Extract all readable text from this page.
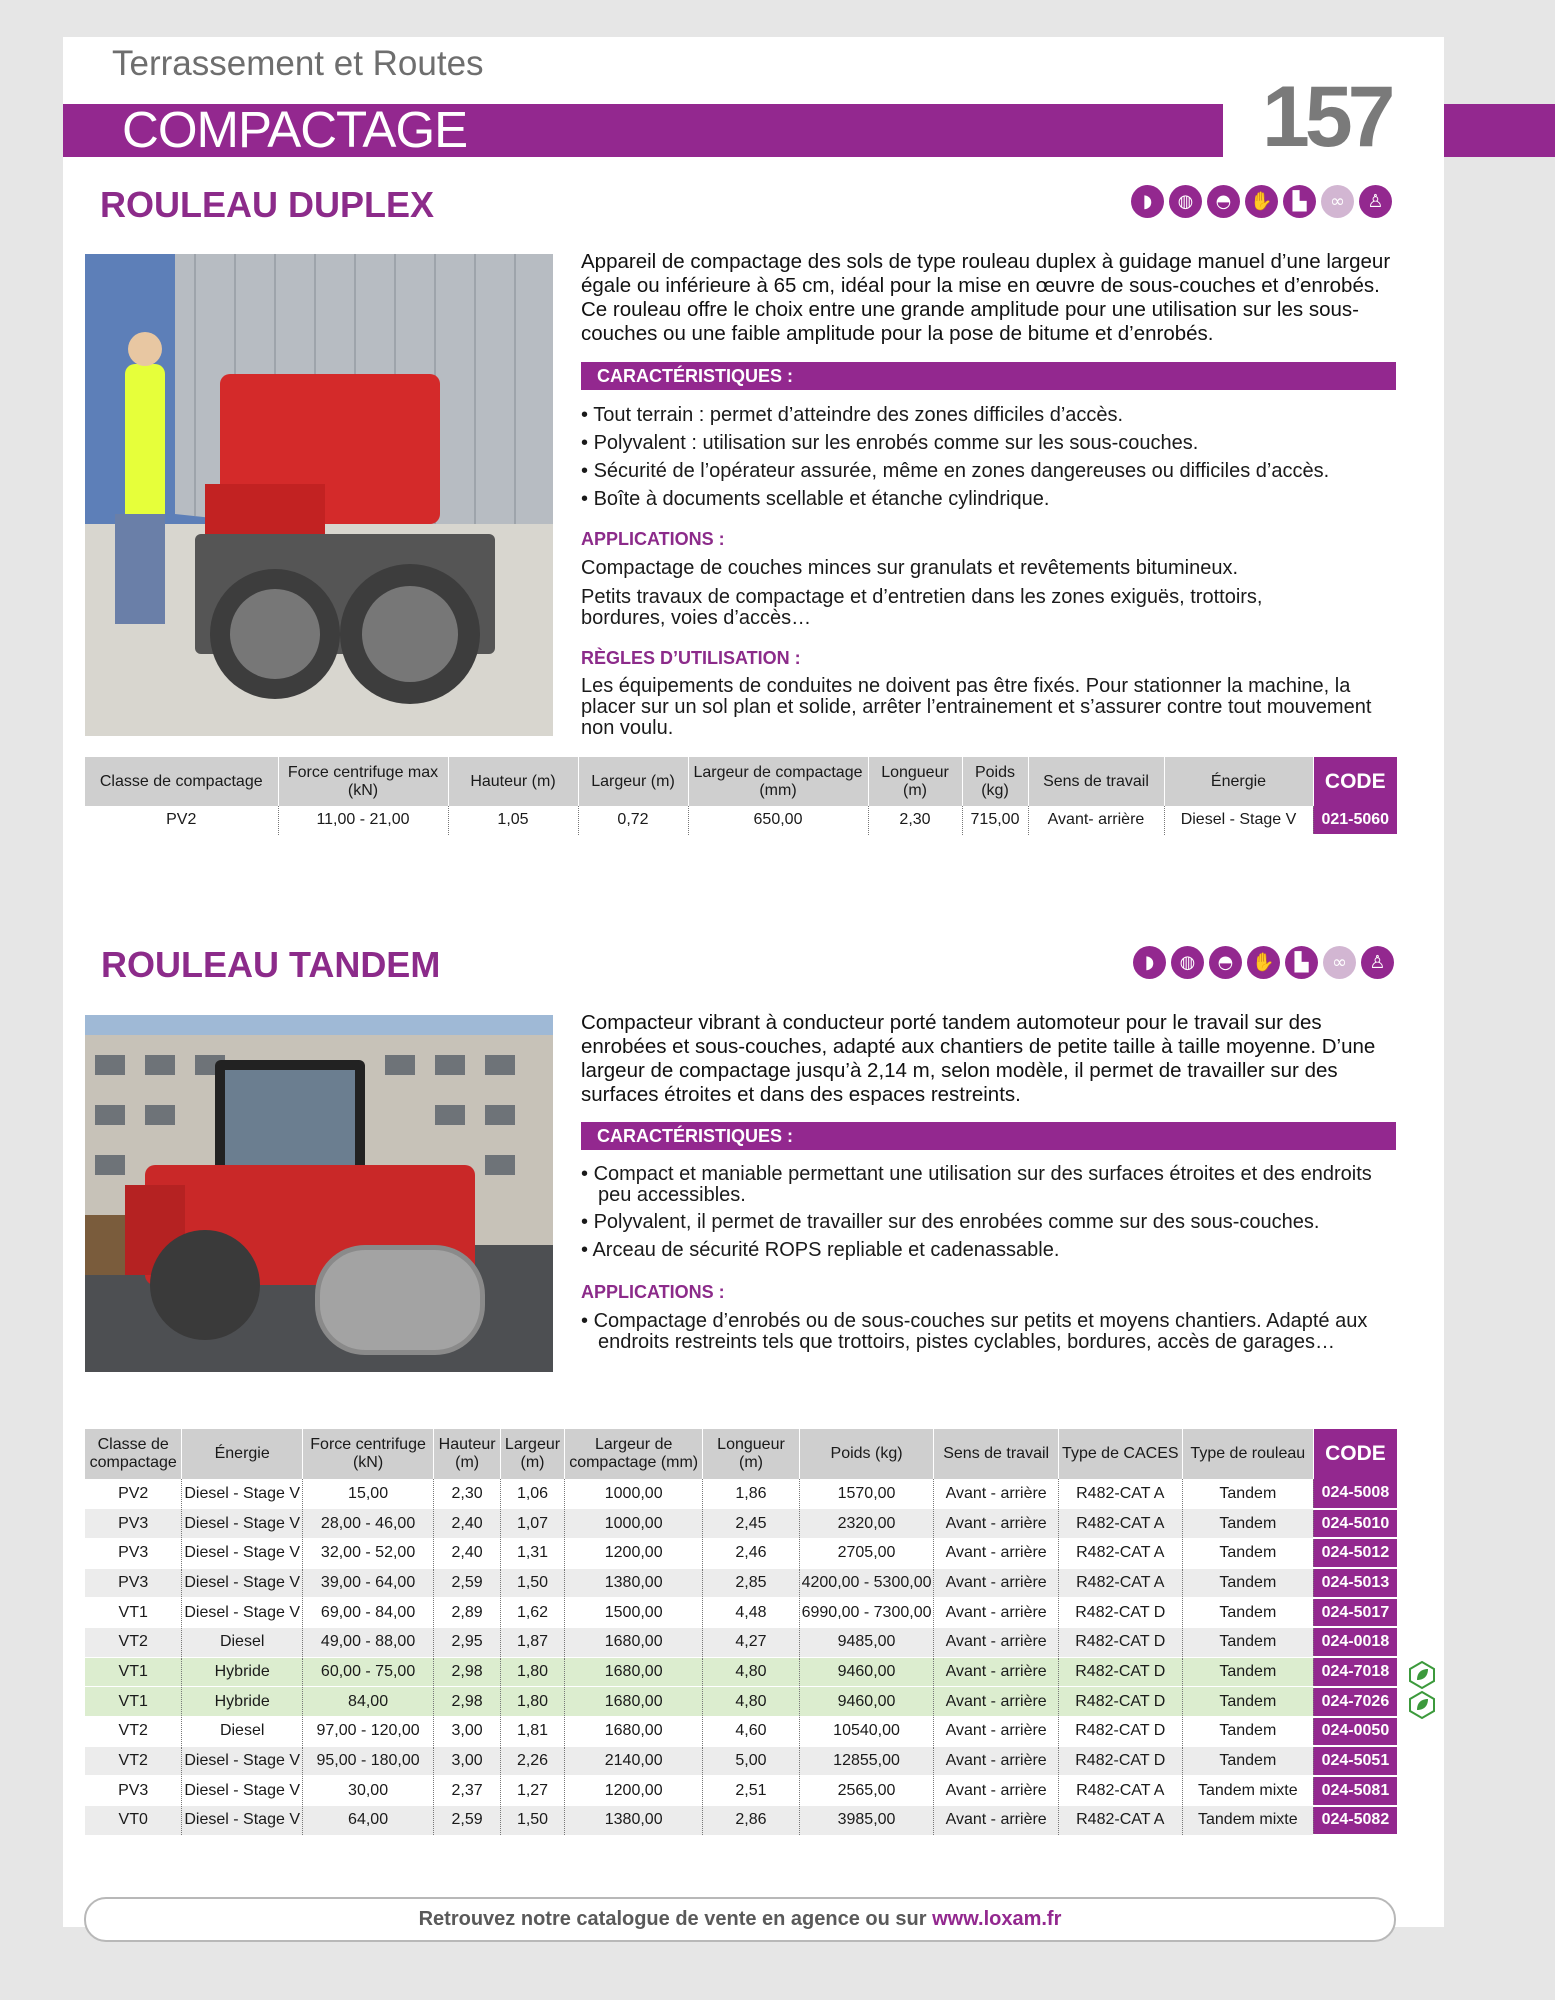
Terrassement et Routes
COMPACTAGE	157
ROULEAU DUPLEX	◗	◍	◓	✋	▙	∞	♙
Appareil de compactage des sols de type rouleau duplex à guidage manuel d’une largeur égale ou inférieure à 65 cm, idéal pour la mise en œuvre de sous-couches et d’enrobés. Ce rouleau offre le choix entre une grande amplitude pour une utilisation sur les sous-couches ou une faible amplitude pour la pose de bitume et d’enrobés.
CARACTÉRISTIQUES :
• Tout terrain : permet d’atteindre des zones difficiles d’accès.
• Polyvalent : utilisation sur les enrobés comme sur les sous-couches.
• Sécurité de l’opérateur assurée, même en zones dangereuses ou difficiles d’accès.
• Boîte à documents scellable et étanche cylindrique.
APPLICATIONS :
Compactage de couches minces sur granulats et revêtements bitumineux.
Petits travaux de compactage et d’entretien dans les zones exiguës, trottoirs, bordures, voies d’accès…
RÈGLES D’UTILISATION :
Les équipements de conduites ne doivent pas être fixés. Pour stationner la machine, la placer sur un sol plan et solide, arrêter l’entrainement et s’assurer contre tout mouvement non voulu.
Classe de compactage	Force centrifuge max (kN)	Hauteur (m)	Largeur (m)	Largeur de compactage (mm)	Longueur (m)	Poids (kg)	Sens de travail	Énergie	CODE
PV2	11,00 - 21,00	1,05	0,72	650,00	2,30	715,00	Avant- arrière	Diesel - Stage V	021-5060
ROULEAU TANDEM	◗	◍	◓	✋	▙	∞	♙
Compacteur vibrant à conducteur porté tandem automoteur pour le travail sur des enrobées et sous-couches, adapté aux chantiers de petite taille à taille moyenne. D’une largeur de compactage jusqu’à 2,14 m, selon modèle, il permet de travailler sur des surfaces étroites et dans des espaces restreints.
CARACTÉRISTIQUES :
• Compact et maniable permettant une utilisation sur des surfaces étroites et des endroits peu accessibles.
• Polyvalent, il permet de travailler sur des enrobées comme sur des sous-couches.
• Arceau de sécurité ROPS repliable et cadenassable.
APPLICATIONS :
• Compactage d’enrobés ou de sous-couches sur petits et moyens chantiers. Adapté aux endroits restreints tels que trottoirs, pistes cyclables, bordures, accès de garages…
Classe de compactage	Énergie	Force centrifuge (kN)	Hauteur (m)	Largeur (m)	Largeur de compactage (mm)	Longueur (m)	Poids (kg)	Sens de travail	Type de CACES	Type de rouleau	CODE
PV2	Diesel - Stage V	15,00	2,30	1,06	1000,00	1,86	1570,00	Avant - arrière	R482-CAT A	Tandem	024-5008
PV3	Diesel - Stage V	28,00 - 46,00	2,40	1,07	1000,00	2,45	2320,00	Avant - arrière	R482-CAT A	Tandem	024-5010
PV3	Diesel - Stage V	32,00 - 52,00	2,40	1,31	1200,00	2,46	2705,00	Avant - arrière	R482-CAT A	Tandem	024-5012
PV3	Diesel - Stage V	39,00 - 64,00	2,59	1,50	1380,00	2,85	4200,00 - 5300,00	Avant - arrière	R482-CAT A	Tandem	024-5013
VT1	Diesel - Stage V	69,00 - 84,00	2,89	1,62	1500,00	4,48	6990,00 - 7300,00	Avant - arrière	R482-CAT D	Tandem	024-5017
VT2	Diesel	49,00 - 88,00	2,95	1,87	1680,00	4,27	9485,00	Avant - arrière	R482-CAT D	Tandem	024-0018
VT1	Hybride	60,00 - 75,00	2,98	1,80	1680,00	4,80	9460,00	Avant - arrière	R482-CAT D	Tandem	024-7018
VT1	Hybride	84,00	2,98	1,80	1680,00	4,80	9460,00	Avant - arrière	R482-CAT D	Tandem	024-7026
VT2	Diesel	97,00 - 120,00	3,00	1,81	1680,00	4,60	10540,00	Avant - arrière	R482-CAT D	Tandem	024-0050
VT2	Diesel - Stage V	95,00 - 180,00	3,00	2,26	2140,00	5,00	12855,00	Avant - arrière	R482-CAT D	Tandem	024-5051
PV3	Diesel - Stage V	30,00	2,37	1,27	1200,00	2,51	2565,00	Avant - arrière	R482-CAT A	Tandem mixte	024-5081
VT0	Diesel - Stage V	64,00	2,59	1,50	1380,00	2,86	3985,00	Avant - arrière	R482-CAT A	Tandem mixte	024-5082
Retrouvez notre catalogue de vente en agence ou sur www.loxam.fr
